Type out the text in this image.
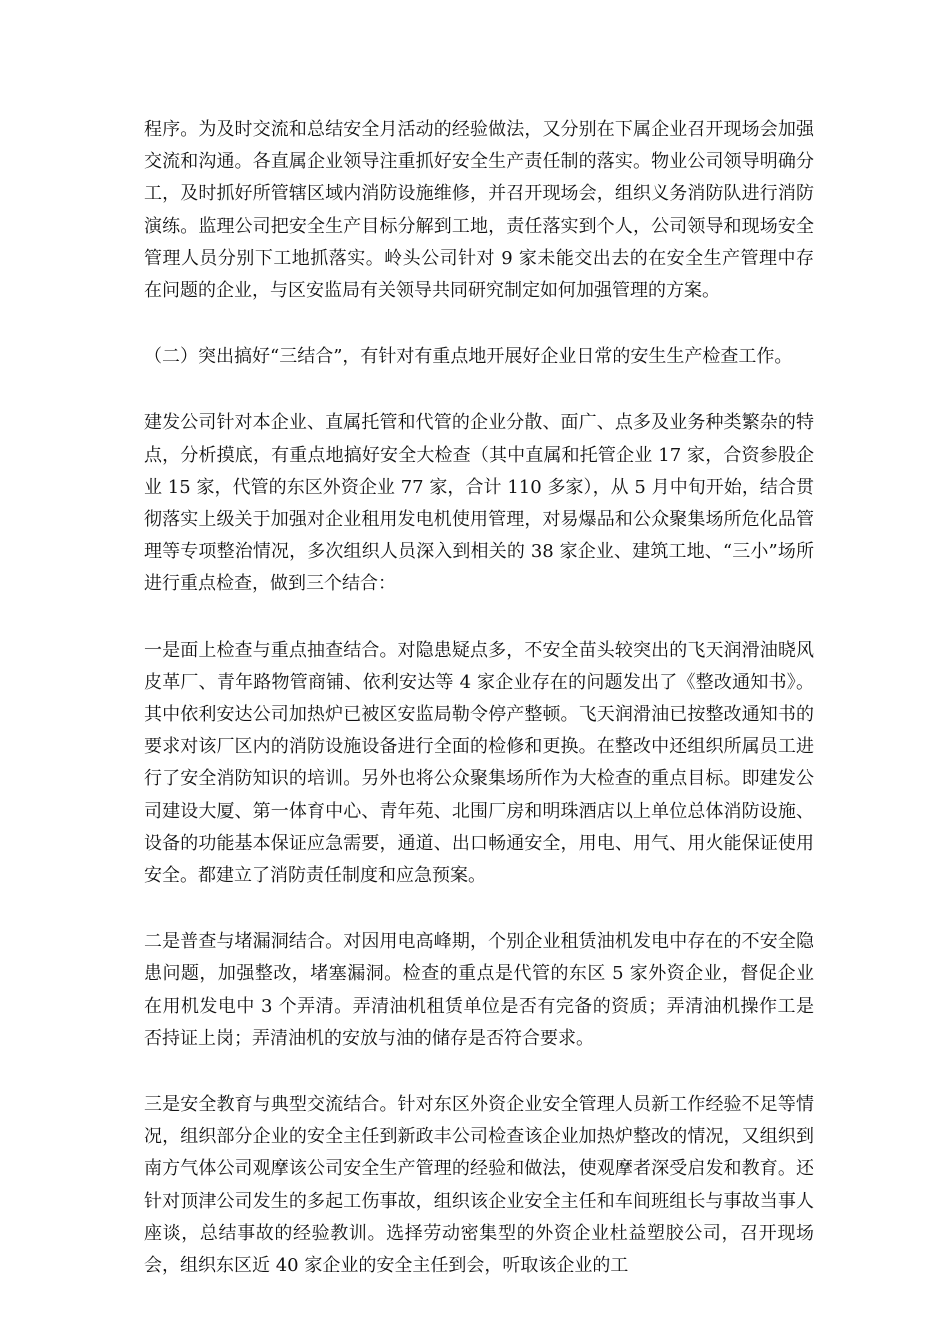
程序。为及时交流和总结安全月活动的经验做法，又分别在下属企业召开现场会加强交流和沟通。各直属企业领导注重抓好安全生产责任制的落实。物业公司领导明确分工，及时抓好所管辖区域内消防设施维修，并召开现场会，组织义务消防队进行消防演练。监理公司把安全生产目标分解到工地，责任落实到个人，公司领导和现场安全管理人员分别下工地抓落实。岭头公司针对 9 家未能交出去的在安全生产管理中存在问题的企业，与区安监局有关领导共同研究制定如何加强管理的方案。

（二）突出搞好“三结合”，有针对有重点地开展好企业日常的安生生产检查工作。

建发公司针对本企业、直属托管和代管的企业分散、面广、点多及业务种类繁杂的特点，分析摸底，有重点地搞好安全大检查（其中直属和托管企业 17 家，合资参股企业 15 家，代管的东区外资企业 77 家，合计 110 多家），从 5 月中旬开始，结合贯彻落实上级关于加强对企业租用发电机使用管理，对易爆品和公众聚集场所危化品管理等专项整治情况，多次组织人员深入到相关的 38 家企业、建筑工地、“三小”场所进行重点检查，做到三个结合：

一是面上检查与重点抽查结合。对隐患疑点多，不安全苗头较突出的飞天润滑油晓风皮革厂、青年路物管商铺、依利安达等 4 家企业存在的问题发出了《整改通知书》。其中依利安达公司加热炉已被区安监局勒令停产整顿。飞天润滑油已按整改通知书的要求对该厂区内的消防设施设备进行全面的检修和更换。在整改中还组织所属员工进行了安全消防知识的培训。另外也将公众聚集场所作为大检查的重点目标。即建发公司建设大厦、第一体育中心、青年苑、北围厂房和明珠酒店以上单位总体消防设施、设备的功能基本保证应急需要，通道、出口畅通安全，用电、用气、用火能保证使用安全。都建立了消防责任制度和应急预案。

二是普查与堵漏洞结合。对因用电高峰期，个别企业租赁油机发电中存在的不安全隐患问题，加强整改，堵塞漏洞。检查的重点是代管的东区 5 家外资企业，督促企业在用机发电中 3 个弄清。弄清油机租赁单位是否有完备的资质；弄清油机操作工是否持证上岗；弄清油机的安放与油的储存是否符合要求。

三是安全教育与典型交流结合。针对东区外资企业安全管理人员新工作经验不足等情况，组织部分企业的安全主任到新政丰公司检查该企业加热炉整改的情况，又组织到南方气体公司观摩该公司安全生产管理的经验和做法，使观摩者深受启发和教育。还针对顶津公司发生的多起工伤事故，组织该企业安全主任和车间班组长与事故当事人座谈，总结事故的经验教训。选择劳动密集型的外资企业杜益塑胶公司，召开现场会，组织东区近 40 家企业的安全主任到会，听取该企业的工
